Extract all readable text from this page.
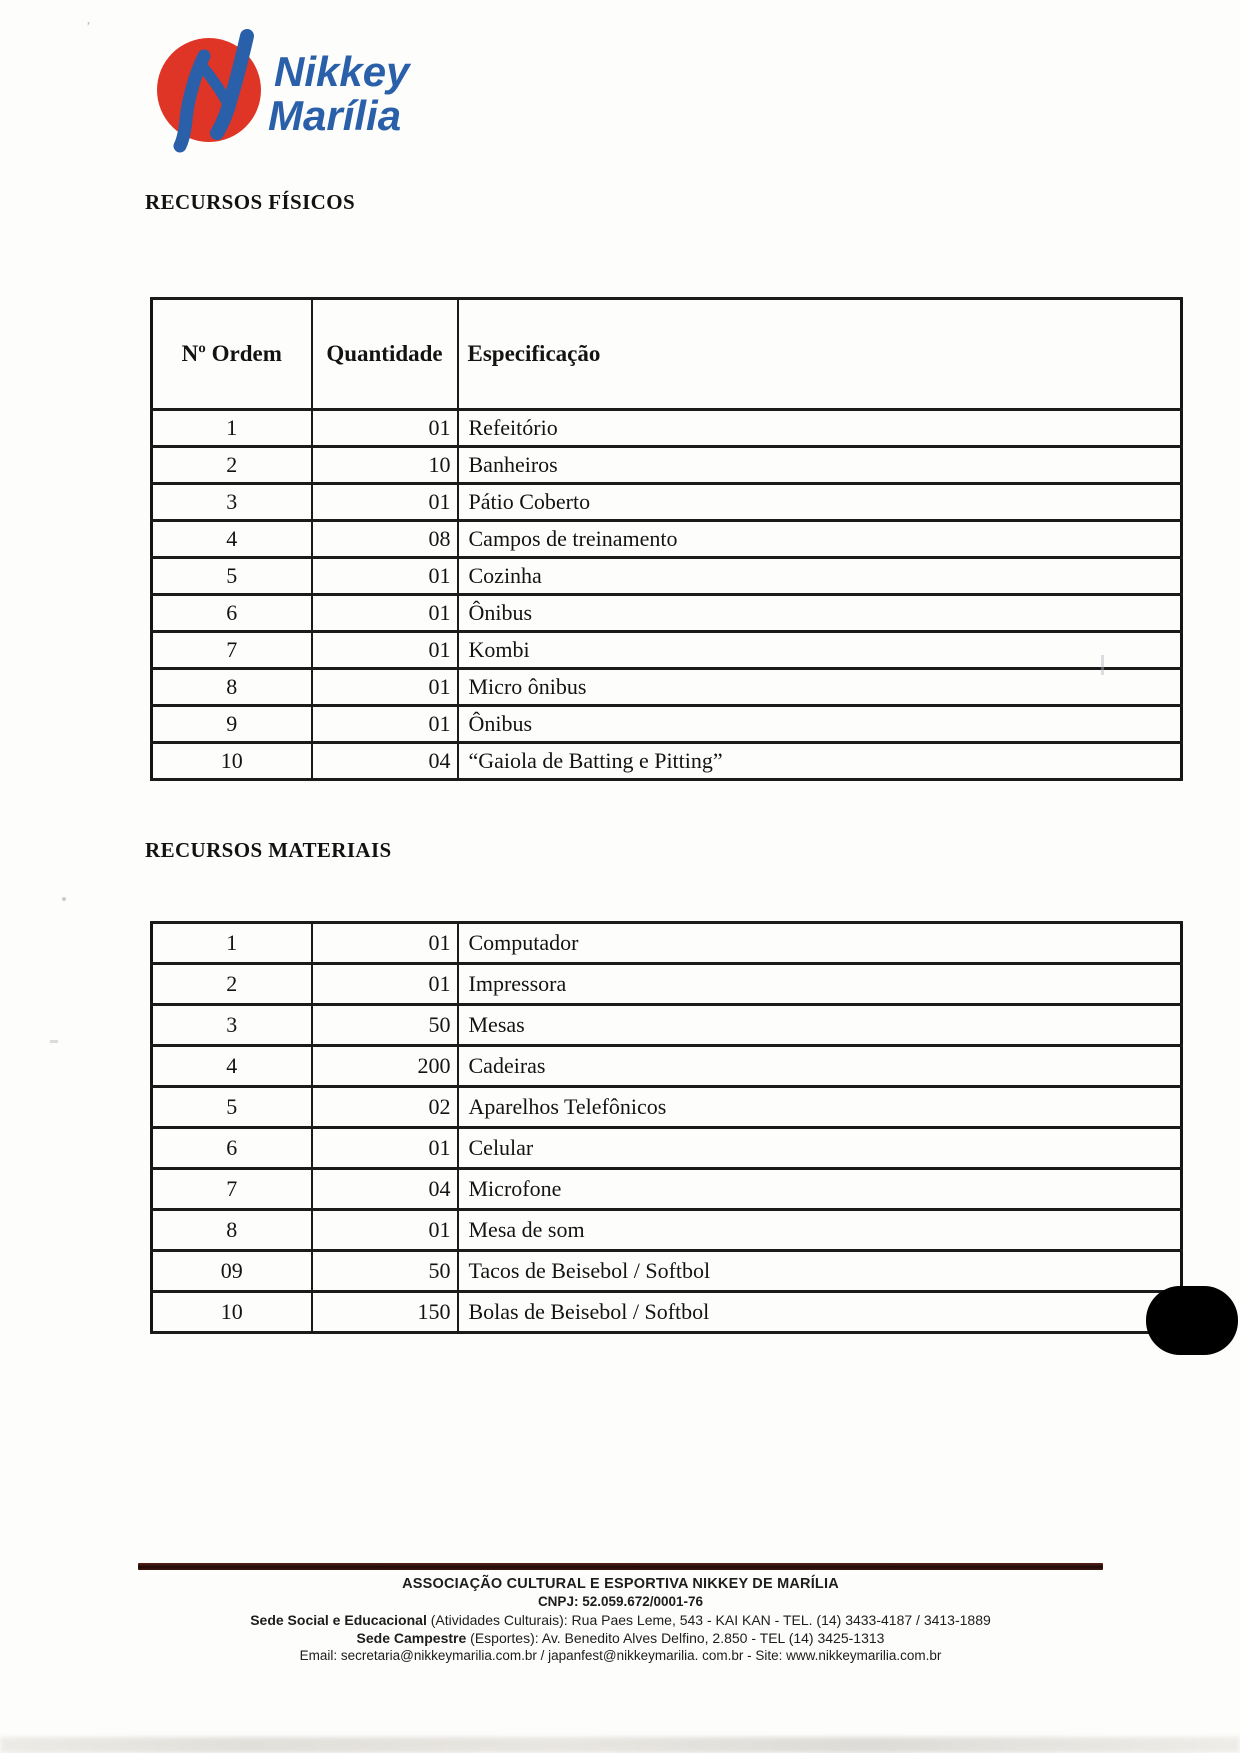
Nikkey
Marília
RECURSOS FÍSICOS
RECURSOS MATERIAIS
Nº Ordem	Quantidade	Especificação
1	01	Refeitório
2	10	Banheiros
3	01	Pátio Coberto
4	08	Campos de treinamento
5	01	Cozinha
6	01	Ônibus
7	01	Kombi
8	01	Micro ônibus
9	01	Ônibus
10	04	“Gaiola de Batting e Pitting”
1	01	Computador
2	01	Impressora
3	50	Mesas
4	200	Cadeiras
5	02	Aparelhos Telefônicos
6	01	Celular
7	04	Microfone
8	01	Mesa de som
09	50	Tacos de Beisebol / Softbol
10	150	Bolas de Beisebol / Softbol
ASSOCIAÇÃO CULTURAL E ESPORTIVA NIKKEY DE MARÍLIA
CNPJ: 52.059.672/0001-76
Sede Social e Educacional (Atividades Culturais): Rua Paes Leme, 543 - KAI KAN - TEL. (14) 3433-4187 / 3413-1889
Sede Campestre (Esportes): Av. Benedito Alves Delfino, 2.850 - TEL (14) 3425-1313
Email: secretaria@nikkeymarilia.com.br / japanfest@nikkeymarilia. com.br - Site: www.nikkeymarilia.com.br
’
